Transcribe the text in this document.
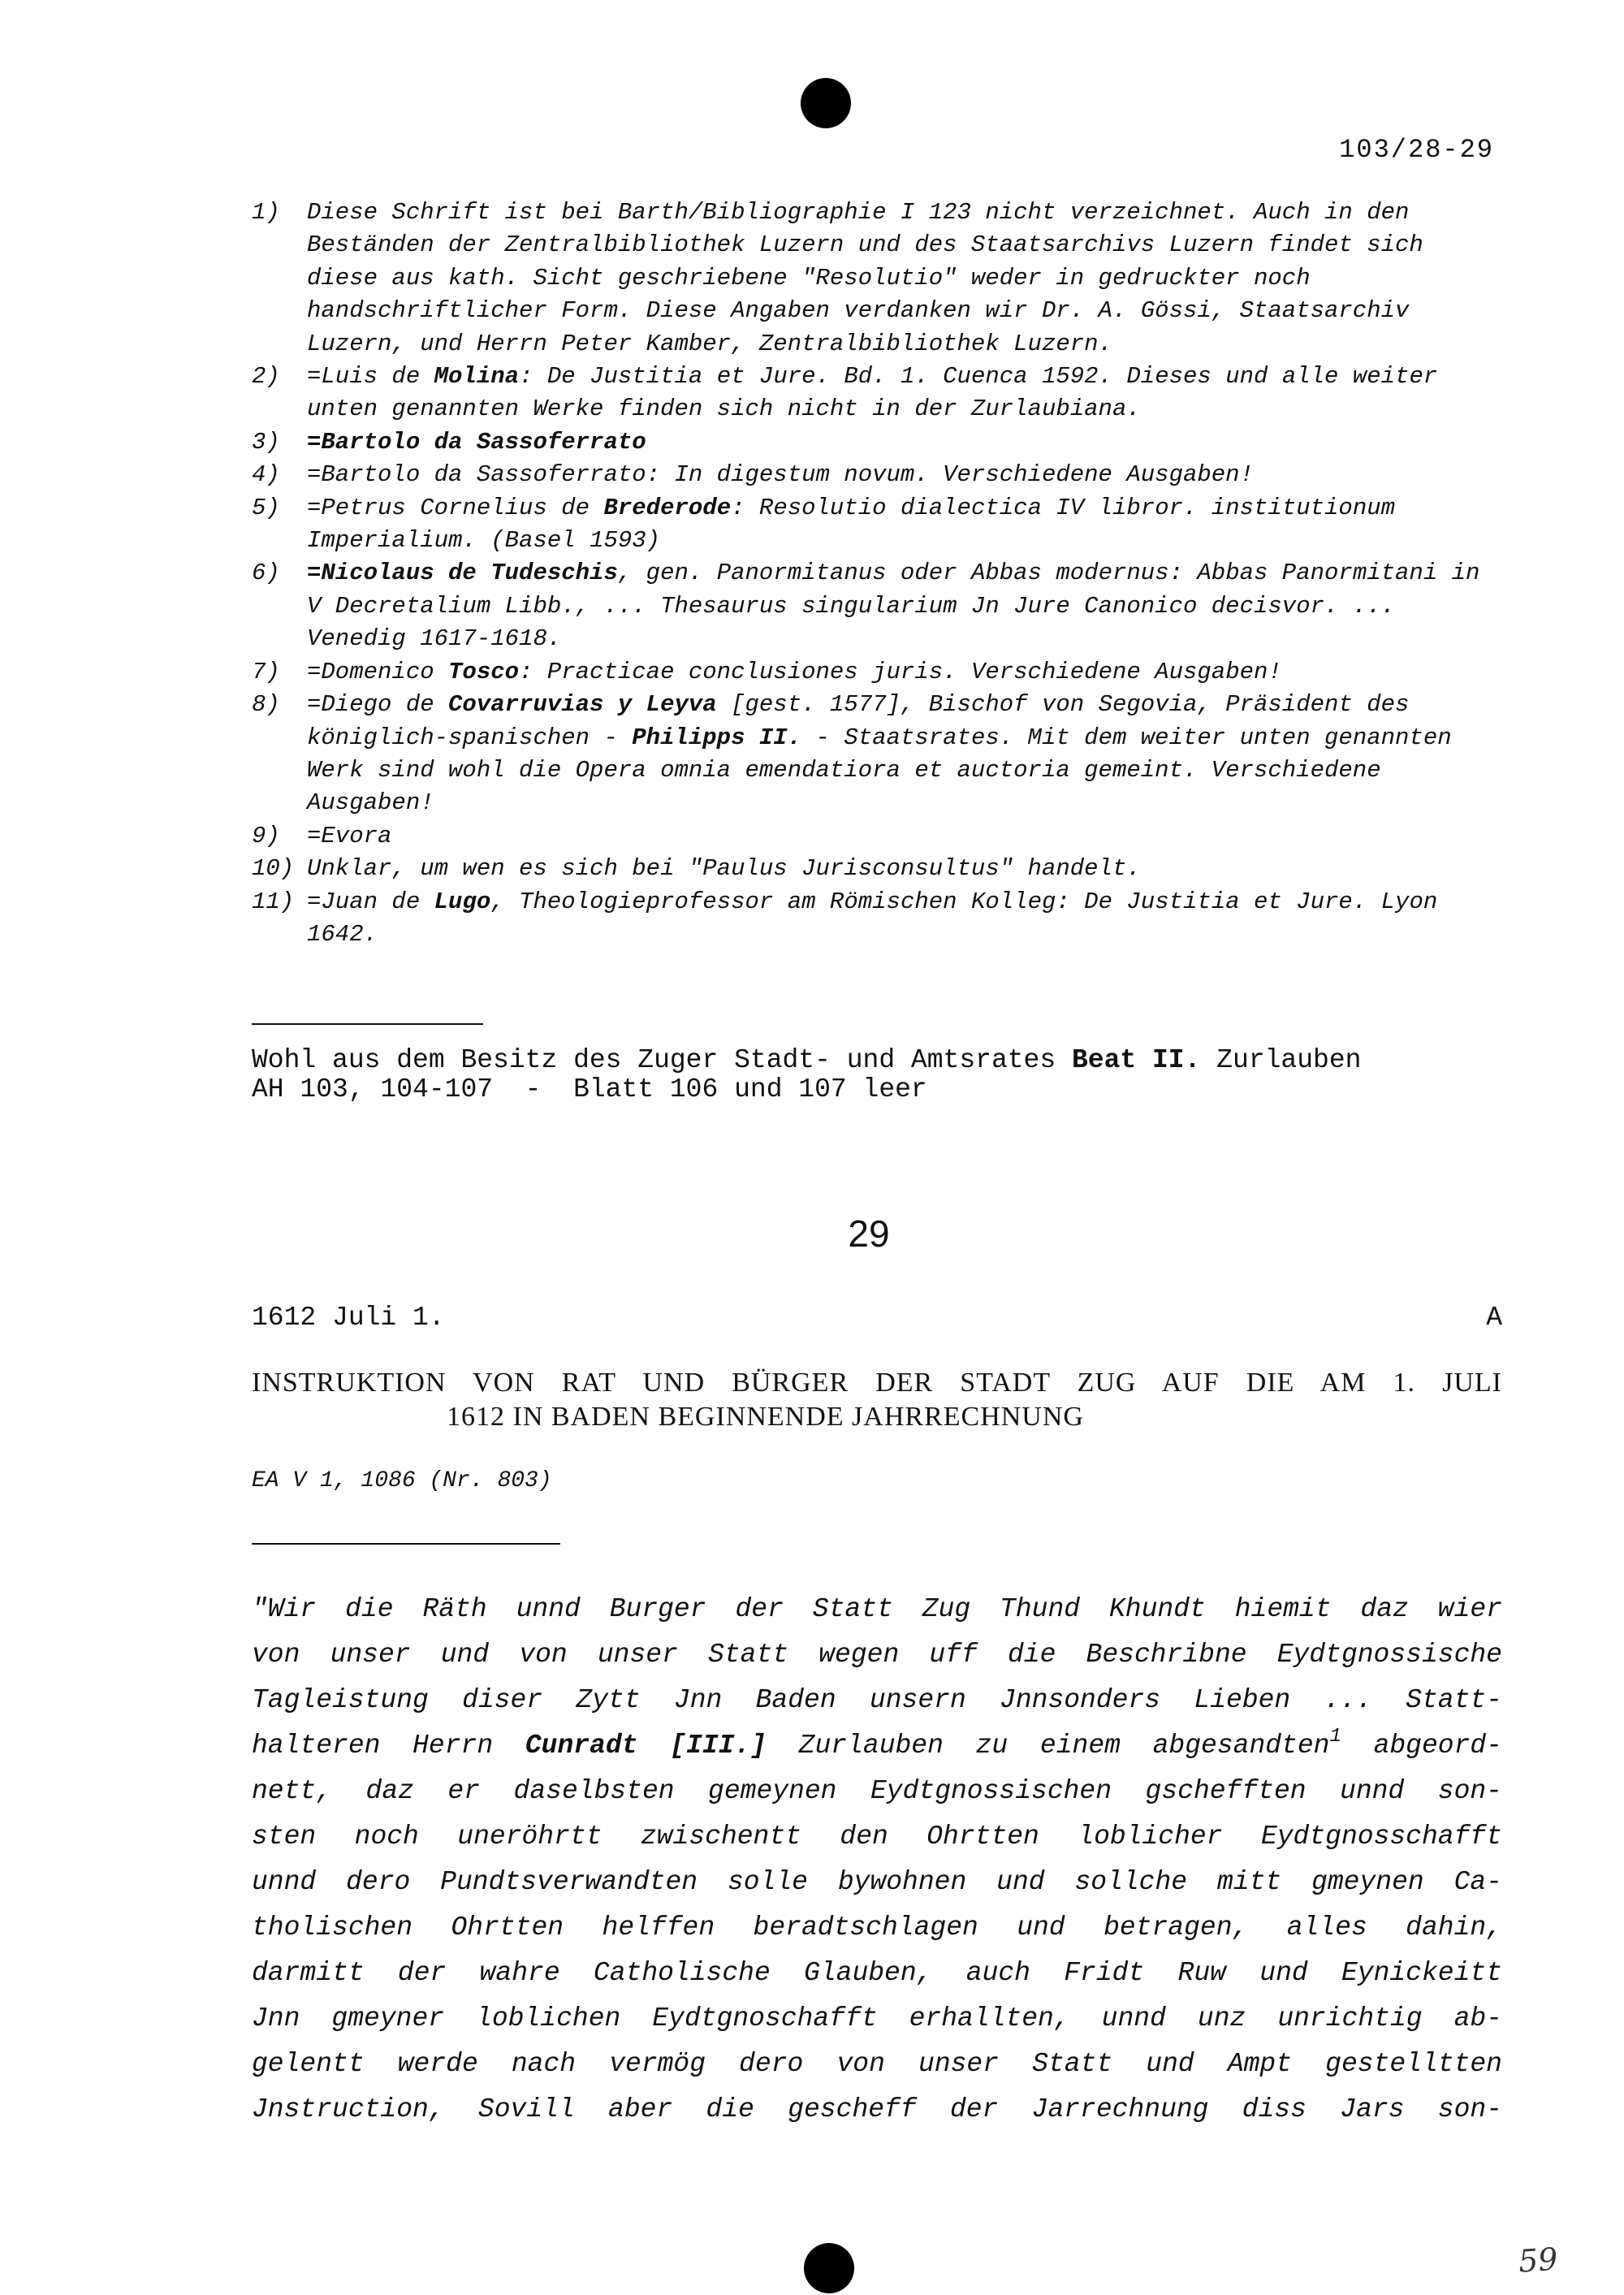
103/28-29
1) Diese Schrift ist bei Barth/Bibliographie I 123 nicht verzeichnet. Auch in den Beständen der Zentralbibliothek Luzern und des Staatsarchivs Luzern findet sich diese aus kath. Sicht geschriebene "Resolutio" weder in gedruckter noch handschriftlicher Form. Diese Angaben verdanken wir Dr. A. Gössi, Staatsarchiv Luzern, und Herrn Peter Kamber, Zentralbibliothek Luzern.
2) =Luis de Molina: De Justitia et Jure. Bd. 1. Cuenca 1592. Dieses und alle weiter unten genannten Werke finden sich nicht in der Zurlaubiana.
3) =Bartolo da Sassoferrato
4) =Bartolo da Sassoferrato: In digestum novum. Verschiedene Ausgaben!
5) =Petrus Cornelius de Brederode: Resolutio dialectica IV libror. institutionum Imperialium. (Basel 1593)
6) =Nicolaus de Tudeschis, gen. Panormitanus oder Abbas modernus: Abbas Panormitani in V Decretalium Libb., ... Thesaurus singularium Jn Jure Canonico decisvor. ... Venedig 1617-1618.
7) =Domenico Tosco: Practicae conclusiones juris. Verschiedene Ausgaben!
8) =Diego de Covarruvias y Leyva [gest. 1577], Bischof von Segovia, Präsident des königlich-spanischen - Philipps II. - Staatsrates. Mit dem weiter unten genannten Werk sind wohl die Opera omnia emendatiora et auctoria gemeint. Verschiedene Ausgaben!
9) =Evora
10) Unklar, um wen es sich bei "Paulus Jurisconsultus" handelt.
11) =Juan de Lugo, Theologieprofessor am Römischen Kolleg: De Justitia et Jure. Lyon 1642.
Wohl aus dem Besitz des Zuger Stadt- und Amtsrates Beat II. Zurlauben
AH 103, 104-107  -  Blatt 106 und 107 leer
29
1612 Juli 1.	A
INSTRUKTION VON RAT UND BÜRGER DER STADT ZUG AUF DIE AM 1. JULI
1612 IN BADEN BEGINNENDE JAHRRECHNUNG
EA V 1, 1086 (Nr. 803)
"Wir die Räth unnd Burger der Statt Zug Thund Khundt hiemit daz wier
von unser und von unser Statt wegen uff die Beschribne Eydtgnossische
Tagleistung diser Zytt Jnn Baden unsern Jnnsonders Lieben ... Statt-
halteren Herrn Cunradt [III.] Zurlauben zu einem abgesandten$^1$ abgeord-
nett, daz er daselbsten gemeynen Eydtgnossischen gschefften unnd son-
sten noch uneröhrtt zwischentt den Ohrtten loblicher Eydtgnosschafft
unnd dero Pundtsverwandten solle bywohnen und sollche mitt gmeynen Ca-
tholischen Ohrtten helffen beradtschlagen und betragen, alles dahin,
darmitt der wahre Catholische Glauben, auch Fridt Ruw und Eynickeitt
Jnn gmeyner loblichen Eydtgnoschafft erhallten, unnd unz unrichtig ab-
gelentt werde nach vermög dero von unser Statt und Ampt gestelltten
Jnstruction, Sovill aber die gescheff der Jarrechnung diss Jars son-
59
